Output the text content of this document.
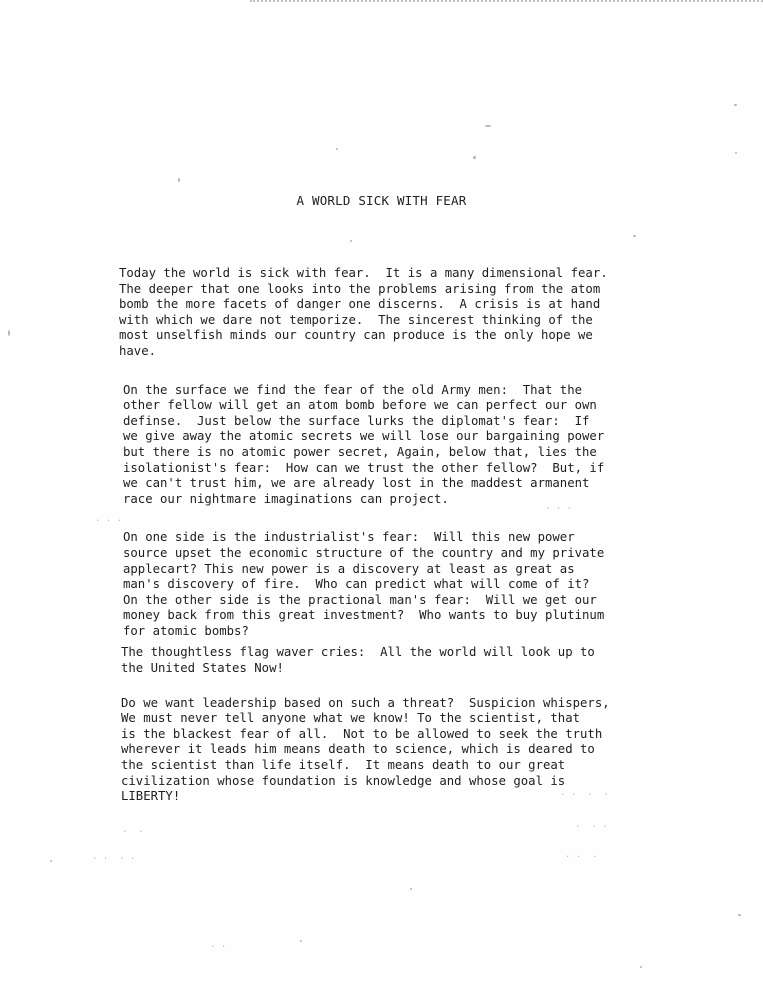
. . .
. . .
. .  . .
. .  .  .
.  . .
. .  .
.  .
. .
A WORLD SICK WITH FEAR
Today the world is sick with fear.  It is a many dimensional fear.
The deeper that one looks into the problems arising from the atom
bomb the more facets of danger one discerns.  A crisis is at hand
with which we dare not temporize.  The sincerest thinking of the
most unselfish minds our country can produce is the only hope we
have.
On the surface we find the fear of the old Army men:  That the
other fellow will get an atom bomb before we can perfect our own
definse.  Just below the surface lurks the diplomat's fear:  If
we give away the atomic secrets we will lose our bargaining power
but there is no atomic power secret, Again, below that, lies the
isolationist's fear:  How can we trust the other fellow?  But, if
we can't trust him, we are already lost in the maddest armanent
race our nightmare imaginations can project.
On one side is the industrialist's fear:  Will this new power
source upset the economic structure of the country and my private
applecart? This new power is a discovery at least as great as
man's discovery of fire.  Who can predict what will come of it?
On the other side is the practional man's fear:  Will we get our
money back from this great investment?  Who wants to buy plutinum
for atomic bombs?
The thoughtless flag waver cries:  All the world will look up to
the United States Now!
Do we want leadership based on such a threat?  Suspicion whispers,
We must never tell anyone what we know! To the scientist, that
is the blackest fear of all.  Not to be allowed to seek the truth
wherever it leads him means death to science, which is deared to
the scientist than life itself.  It means death to our great
civilization whose foundation is knowledge and whose goal is
LIBERTY!
